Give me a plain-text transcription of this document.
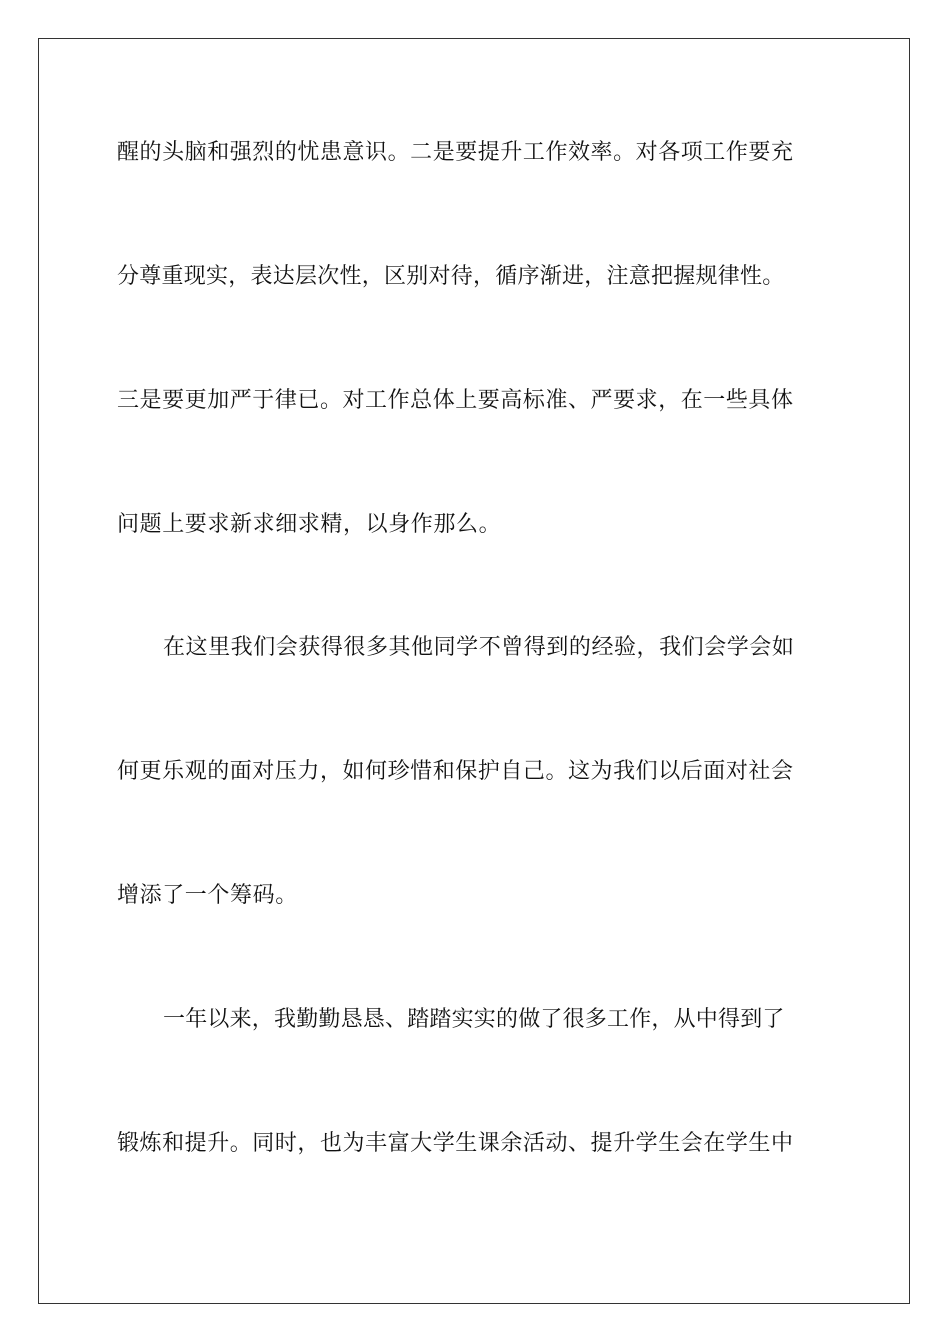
醒的头脑和强烈的忧患意识。二是要提升工作效率。对各项工作要充
分尊重现实，表达层次性，区别对待，循序渐进，注意把握规律性。
三是要更加严于律已。对工作总体上要高标准、严要求，在一些具体
问题上要求新求细求精，以身作那么。
在这里我们会获得很多其他同学不曾得到的经验，我们会学会如
何更乐观的面对压力，如何珍惜和保护自己。这为我们以后面对社会
增添了一个筹码。
一年以来，我勤勤恳恳、踏踏实实的做了很多工作，从中得到了
锻炼和提升。同时，也为丰富大学生课余活动、提升学生会在学生中
